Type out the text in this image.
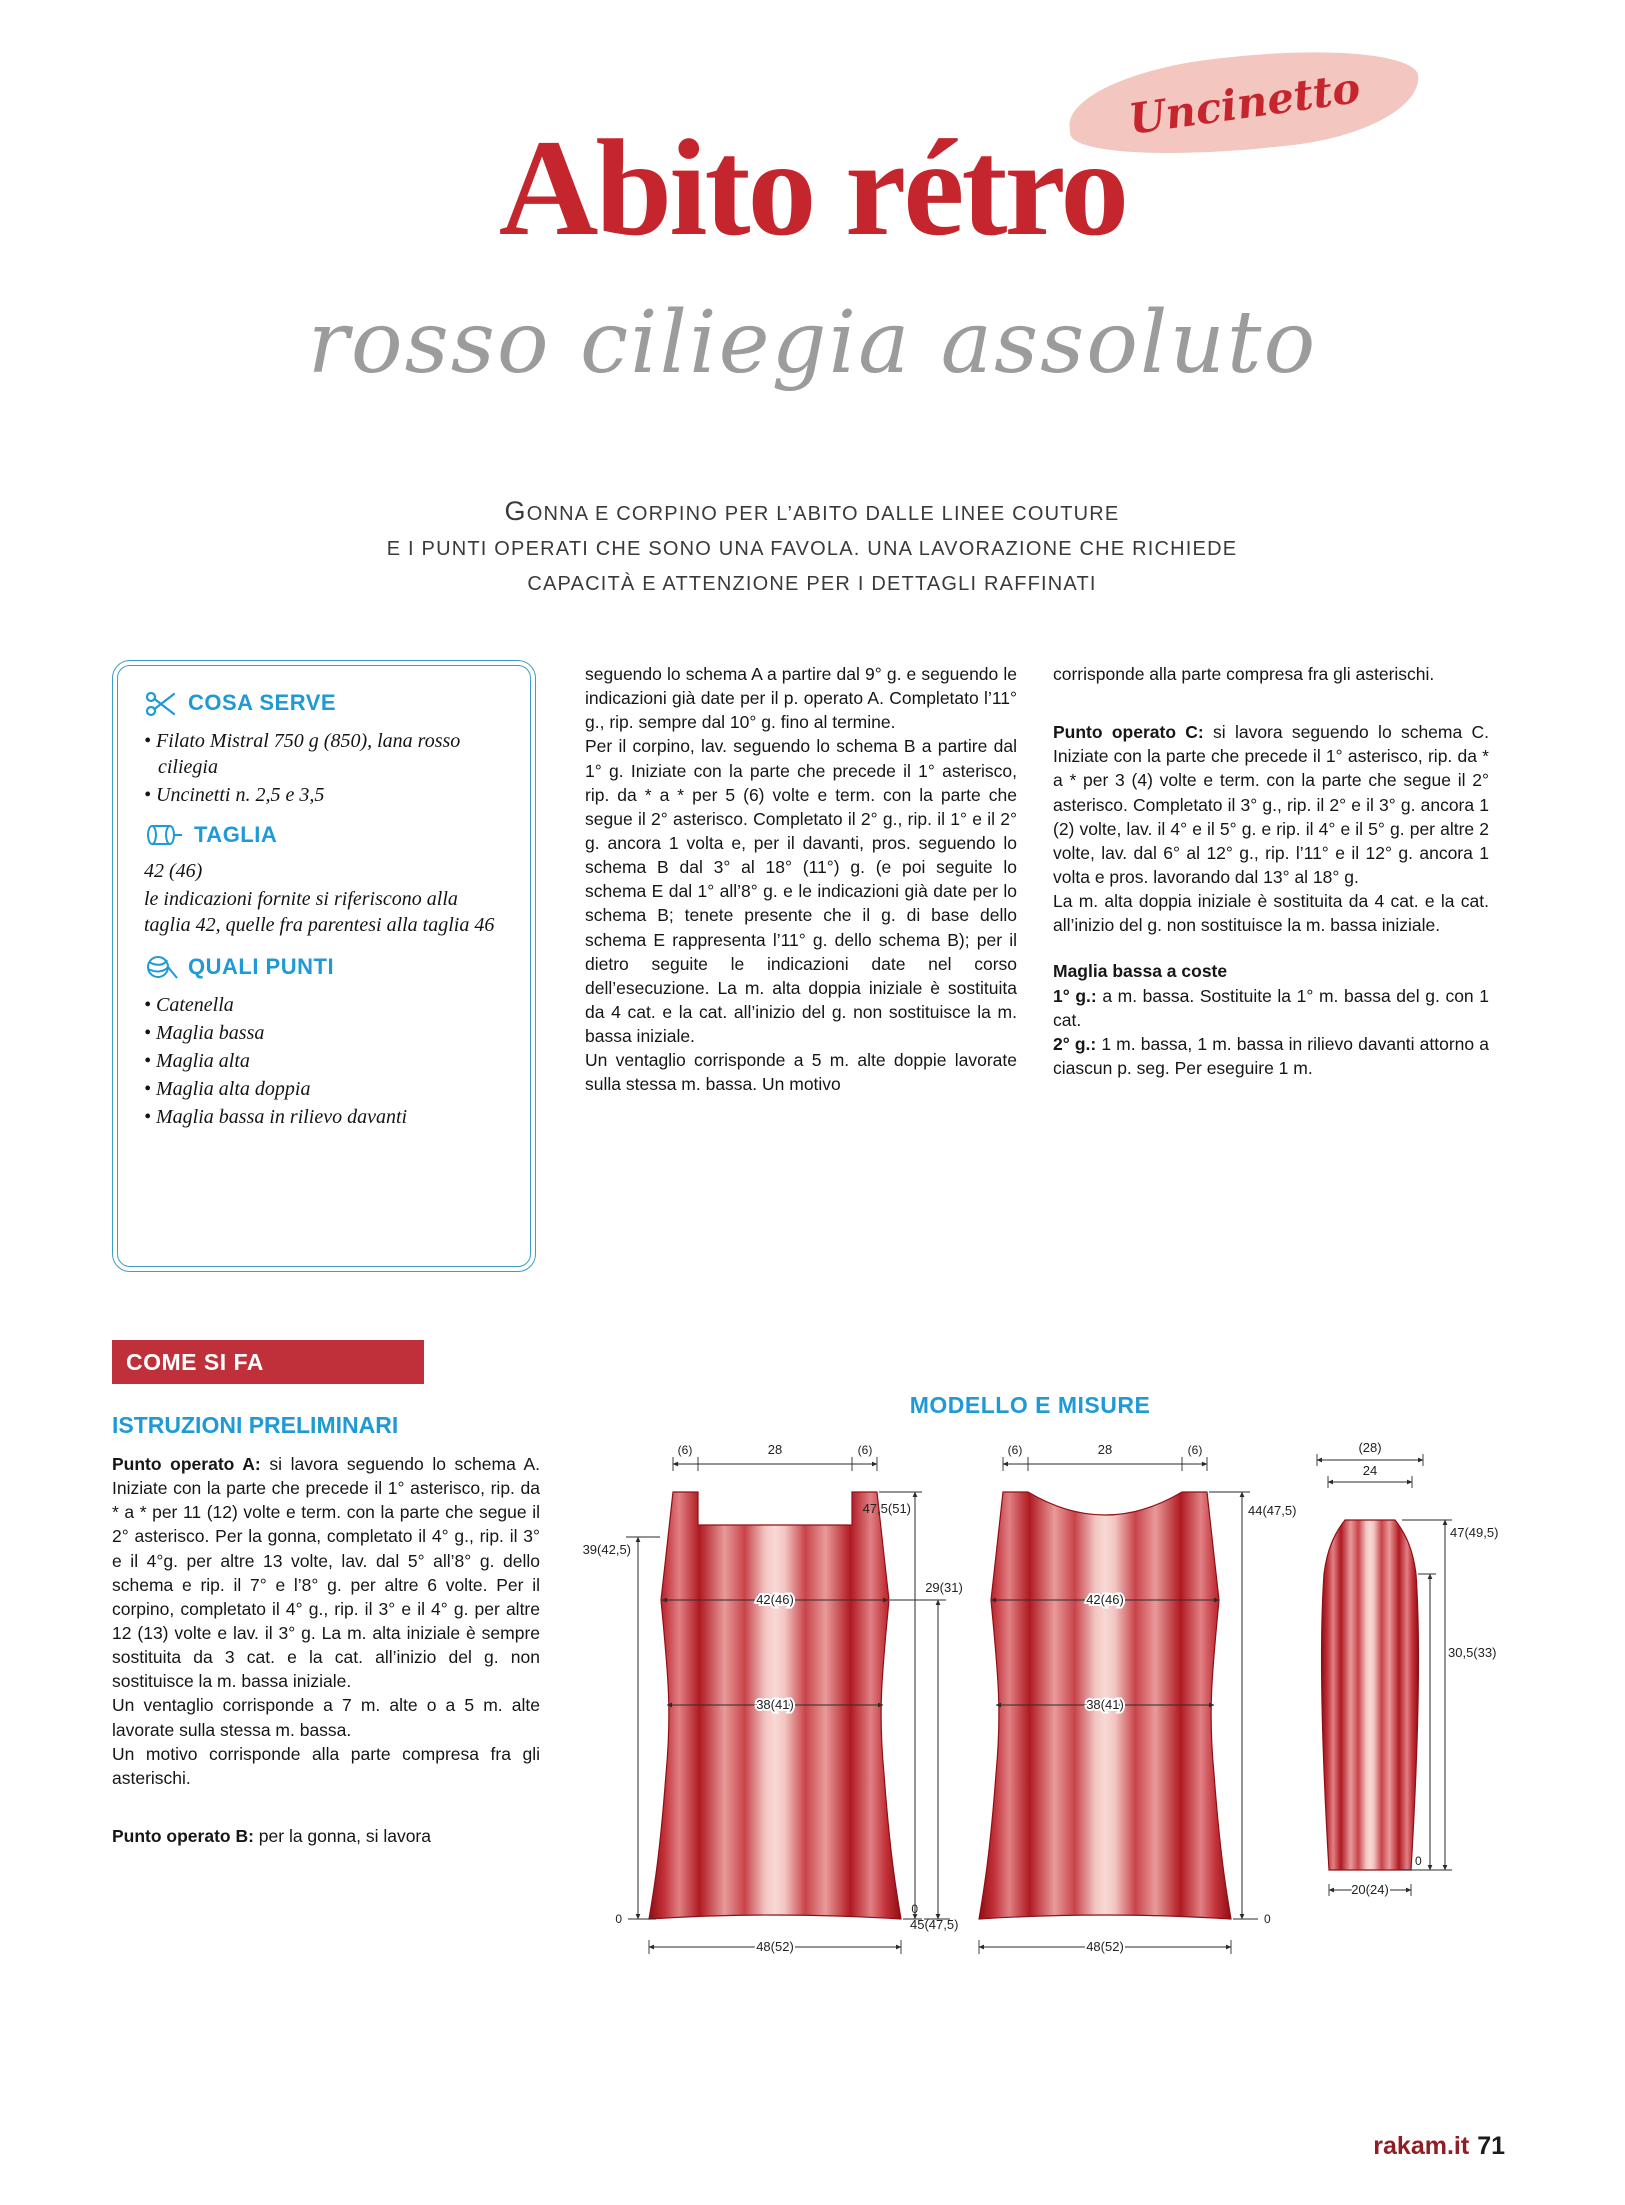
Uncinetto
Abito rétro
rosso ciliegia assoluto
GONNA E CORPINO PER L’ABITO DALLE LINEE COUTURE
E I PUNTI OPERATI CHE SONO UNA FAVOLA. UNA LAVORAZIONE CHE RICHIEDE
CAPACITÀ E ATTENZIONE PER I DETTAGLI RAFFINATI
COSA SERVE
• Filato Mistral 750 g (850), lana rosso ciliegia
• Uncinetti n. 2,5 e 3,5
TAGLIA
42 (46)
le indicazioni fornite si riferiscono alla taglia 42, quelle fra parentesi alla taglia 46
QUALI PUNTI
• Catenella
• Maglia bassa
• Maglia alta
• Maglia alta doppia
• Maglia bassa in rilievo davanti
COME SI FA
ISTRUZIONI PRELIMINARI

Punto operato A: si lavora seguendo lo schema A. Iniziate con la parte che precede il 1° asterisco, rip. da * a * per 11 (12) volte e term. con la parte che segue il 2° asterisco. Per la gonna, completato il 4° g., rip. il 3° e il 4°g. per altre 13 volte, lav. dal 5° all’8° g. dello schema e rip. il 7° e l’8° g. per altre 6 volte. Per il corpino, completato il 4° g., rip. il 3° e il 4° g. per altre 12 (13) volte e lav. il 3° g. La m. alta iniziale è sempre sostituita da 3 cat. e la cat. all’inizio del g. non sostituisce la m. bassa iniziale.

Un ventaglio corrisponde a 7 m. alte o a 5 m. alte lavorate sulla stessa m. bassa.

Un motivo corrisponde alla parte compresa fra gli asterischi.

Punto operato B: per la gonna, si lavora

seguendo lo schema A a partire dal 9° g. e seguendo le indicazioni già date per il p. operato A. Completato l’11° g., rip. sempre dal 10° g. fino al termine.

Per il corpino, lav. seguendo lo schema B a partire dal 1° g. Iniziate con la parte che precede il 1° asterisco, rip. da * a * per 5 (6) volte e term. con la parte che segue il 2° asterisco. Completato il 2° g., rip. il 1° e il 2° g. ancora 1 volta e, per il davanti, pros. seguendo lo schema B dal 3° al 18° (11°) g. (e poi seguite lo schema E dal 1° all’8° g. e le indicazioni già date per lo schema B; tenete presente che il g. di base dello schema E rappresenta l’11° g. dello schema B); per il dietro seguite le indicazioni date nel corso dell’esecuzione. La m. alta doppia iniziale è sostituita da 4 cat. e la cat. all’inizio del g. non sostituisce la m. bassa iniziale.

Un ventaglio corrisponde a 5 m. alte doppie lavorate sulla stessa m. bassa. Un motivo

corrisponde alla parte compresa fra gli asterischi.

Punto operato C: si lavora seguendo lo schema C. Iniziate con la parte che precede il 1° asterisco, rip. da * a * per 3 (4) volte e term. con la parte che segue il 2° asterisco. Completato il 3° g., rip. il 2° e il 3° g. ancora 1 (2) volte, lav. il 4° e il 5° g. e rip. il 4° e il 5° g. per altre 2 volte, lav. dal 6° al 12° g., rip. l’11° e il 12° g. ancora 1 volta e pros. lavorando dal 13° al 18° g.

La m. alta doppia iniziale è sostituita da 4 cat. e la cat. all’inizio del g. non sostituisce la m. bassa iniziale.

Maglia bassa a coste

1° g.: a m. bassa. Sostituite la 1° m. bassa del g. con 1 cat.

2° g.: 1 m. bassa, 1 m. bassa in rilievo davanti attorno a ciascun p. seg. Per eseguire 1 m.

MODELLO E MISURE
(6)	28	(6)
47,5(51)
39(42,5)
0
42(46)
38(41)
29(31)
0
48(52)
45(47,5)
(6)	28	(6)
44(47,5)
42(46)
38(41)
48(52)
0
(28)
24
47(49,5)
30,5(33)
20(24)
0
rakam.it 71
